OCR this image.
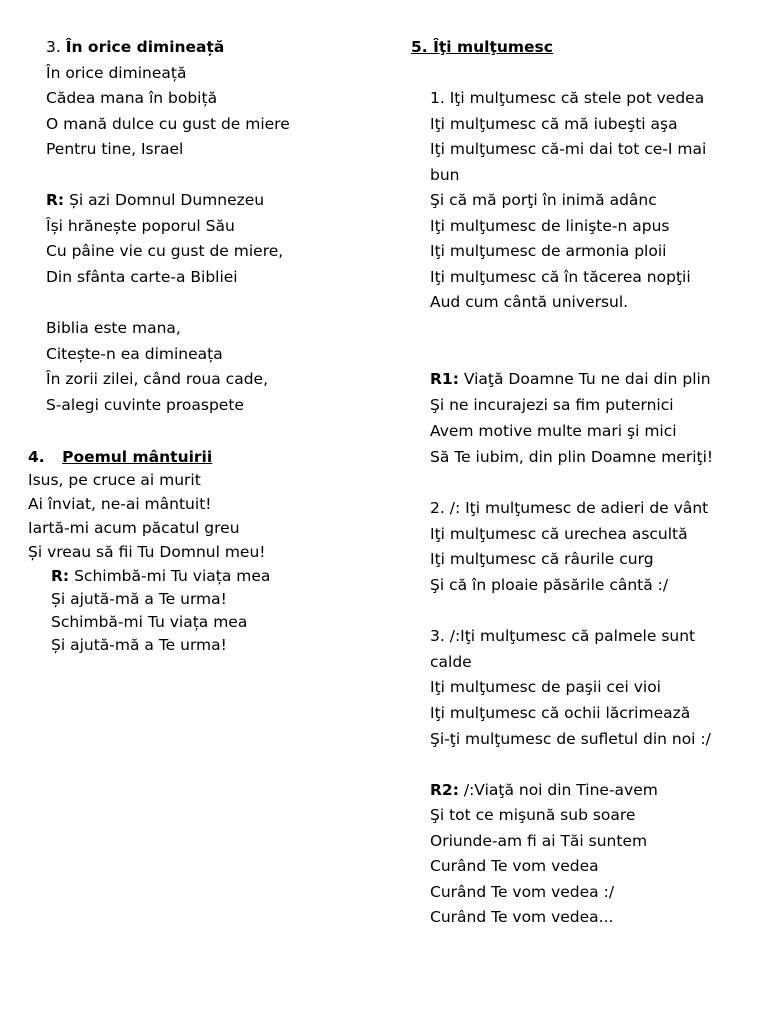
3. În orice dimineață
În orice dimineață
Cădea mana în bobiță
O mană dulce cu gust de miere
Pentru tine, Israel
R: Și azi Domnul Dumnezeu
Își hrănește poporul Său
Cu pâine vie cu gust de miere,
Din sfânta carte-a Bibliei
Biblia este mana,
Citește-n ea dimineața
În zorii zilei, când roua cade,
S-alegi cuvinte proaspete
4. Poemul mântuirii
Isus, pe cruce ai murit
Ai înviat, ne-ai mântuit!
Iartă-mi acum păcatul greu
Și vreau să fii Tu Domnul meu!
R: Schimbă-mi Tu viața mea
Și ajută-mă a Te urma!
Schimbă-mi Tu viața mea
Și ajută-mă a Te urma!
5. Îţi mulţumesc
1. Iţi mulţumesc că stele pot vedea
Iţi mulţumesc că mă iubeşti aşa
Iţi mulţumesc că-mi dai tot ce-I mai
bun
Şi că mă porţi în inimă adânc
Iţi mulţumesc de linişte-n apus
Iţi mulţumesc de armonia ploii
Iţi mulţumesc că în tăcerea nopţii
Aud cum cântă universul.
R1: Viaţă Doamne Tu ne dai din plin
Şi ne incurajezi sa fim puternici
Avem motive multe mari şi mici
Să Te iubim, din plin Doamne meriţi!
2. /: Iţi mulţumesc de adieri de vânt
Iţi mulţumesc că urechea ascultă
Iţi mulţumesc că râurile curg
Şi că în ploaie păsările cântă :/
3. /:Iţi mulţumesc că palmele sunt
calde
Iţi mulţumesc de paşii cei vioi
Iţi mulţumesc că ochii lăcrimează
Şi-ţi mulţumesc de sufletul din noi :/
R2: /:Viaţă noi din Tine-avem
Şi tot ce mişună sub soare
Oriunde-am fi ai Tăi suntem
Curând Te vom vedea
Curând Te vom vedea :/
Curând Te vom vedea...
